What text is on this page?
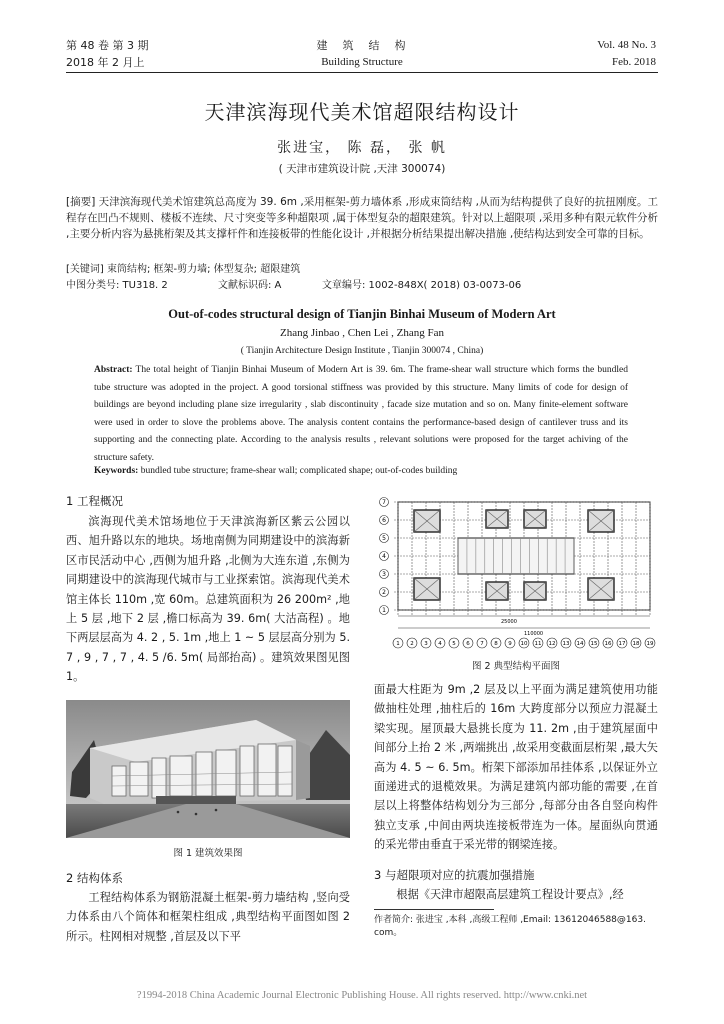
第 48 卷 第 3 期
2018 年 2 月上
建　筑　结　构
Building Structure
Vol. 48 No. 3
Feb. 2018
天津滨海现代美术馆超限结构设计
张进宝， 陈 磊， 张 帆
( 天津市建筑设计院 ,天津 300074)
[摘要] 天津滨海现代美术馆建筑总高度为 39. 6m ,采用框架-剪力墙体系 ,形成束筒结构 ,从而为结构提供了良好的抗扭刚度。工程存在凹凸不规则、楼板不连续、尺寸突变等多种超限项 ,属于体型复杂的超限建筑。针对以上超限项 ,采用多种有限元软件分析 ,主要分析内容为悬挑桁架及其支撑杆件和连接板带的性能化设计 ,并根据分析结果提出解决措施 ,使结构达到安全可靠的目标。
[关键词] 束筒结构; 框架-剪力墙; 体型复杂; 超限建筑
中图分类号: TU318. 2	文献标识码: A	文章编号: 1002-848X( 2018) 03-0073-06
Out-of-codes structural design of Tianjin Binhai Museum of Modern Art
Zhang Jinbao , Chen Lei , Zhang Fan
( Tianjin Architecture Design Institute , Tianjin 300074 , China)
Abstract: The total height of Tianjin Binhai Museum of Modern Art is 39. 6m. The frame-shear wall structure which forms the bundled tube structure was adopted in the project. A good torsional stiffness was provided by this structure. Many limits of code for design of buildings are beyond including plane size irregularity , slab discontinuity , facade size mutation and so on. Many finite-element software were used in order to slove the problems above. The analysis content contains the performance-based design of cantilever truss and its supporting and the connecting plate. According to the analysis results , relevant solutions were proposed for the target achiving of the structure safety.
Keywords: bundled tube structure; frame-shear wall; complicated shape; out-of-codes building
1 工程概况
滨海现代美术馆场地位于天津滨海新区紫云公园以西、旭升路以东的地块。场地南侧为同期建设中的滨海新区市民活动中心 ,西侧为旭升路 ,北侧为大连东道 ,东侧为同期建设中的滨海现代城市与工业探索馆。滨海现代美术馆主体长 110m ,宽 60m。总建筑面积为 26 200m² ,地上 5 层 ,地下 2 层 ,檐口标高为 39. 6m( 大沽高程) 。地下两层层高为 4. 2 , 5. 1m ,地上 1 ~ 5 层层高分别为 5. 7 , 9 , 7 , 7 , 4. 5 /6. 5m( 局部抬高) 。建筑效果图见图 1。
图 1 建筑效果图
2 结构体系
工程结构体系为钢筋混凝土框架-剪力墙结构 ,竖向受力体系由八个筒体和框架柱组成 ,典型结构平面图如图 2 所示。柱网相对规整 ,首层及以下平
7
6
5
4
3
2
1
1 2 3 4 5 6 7 8 9 10 11 12 13 14 15 16 17 18 19
25000
110000
图 2 典型结构平面图
面最大柱距为 9m ,2 层及以上平面为满足建筑使用功能做抽柱处理 ,抽柱后的 16m 大跨度部分以预应力混凝土梁实现。屋顶最大悬挑长度为 11. 2m ,由于建筑屋面中间部分上抬 2 米 ,两端挑出 ,故采用变截面层桁架 ,最大矢高为 4. 5 ~ 6. 5m。桁架下部添加吊挂体系 ,以保证外立面递进式的退榄效果。为满足建筑内部功能的需要 ,在首层以上将整体结构划分为三部分 ,每部分由各自竖向构件独立支承 ,中间由两块连接板带连为一体。屋面纵向贯通的采光带由垂直于采光带的钢梁连接。
3 与超限项对应的抗震加强措施
根据《天津市超限高层建筑工程设计要点》,经
作者简介: 张进宝 ,本科 ,高级工程师 ,Email: 13612046588@163. com。
?1994-2018 China Academic Journal Electronic Publishing House. All rights reserved. http://www.cnki.net
